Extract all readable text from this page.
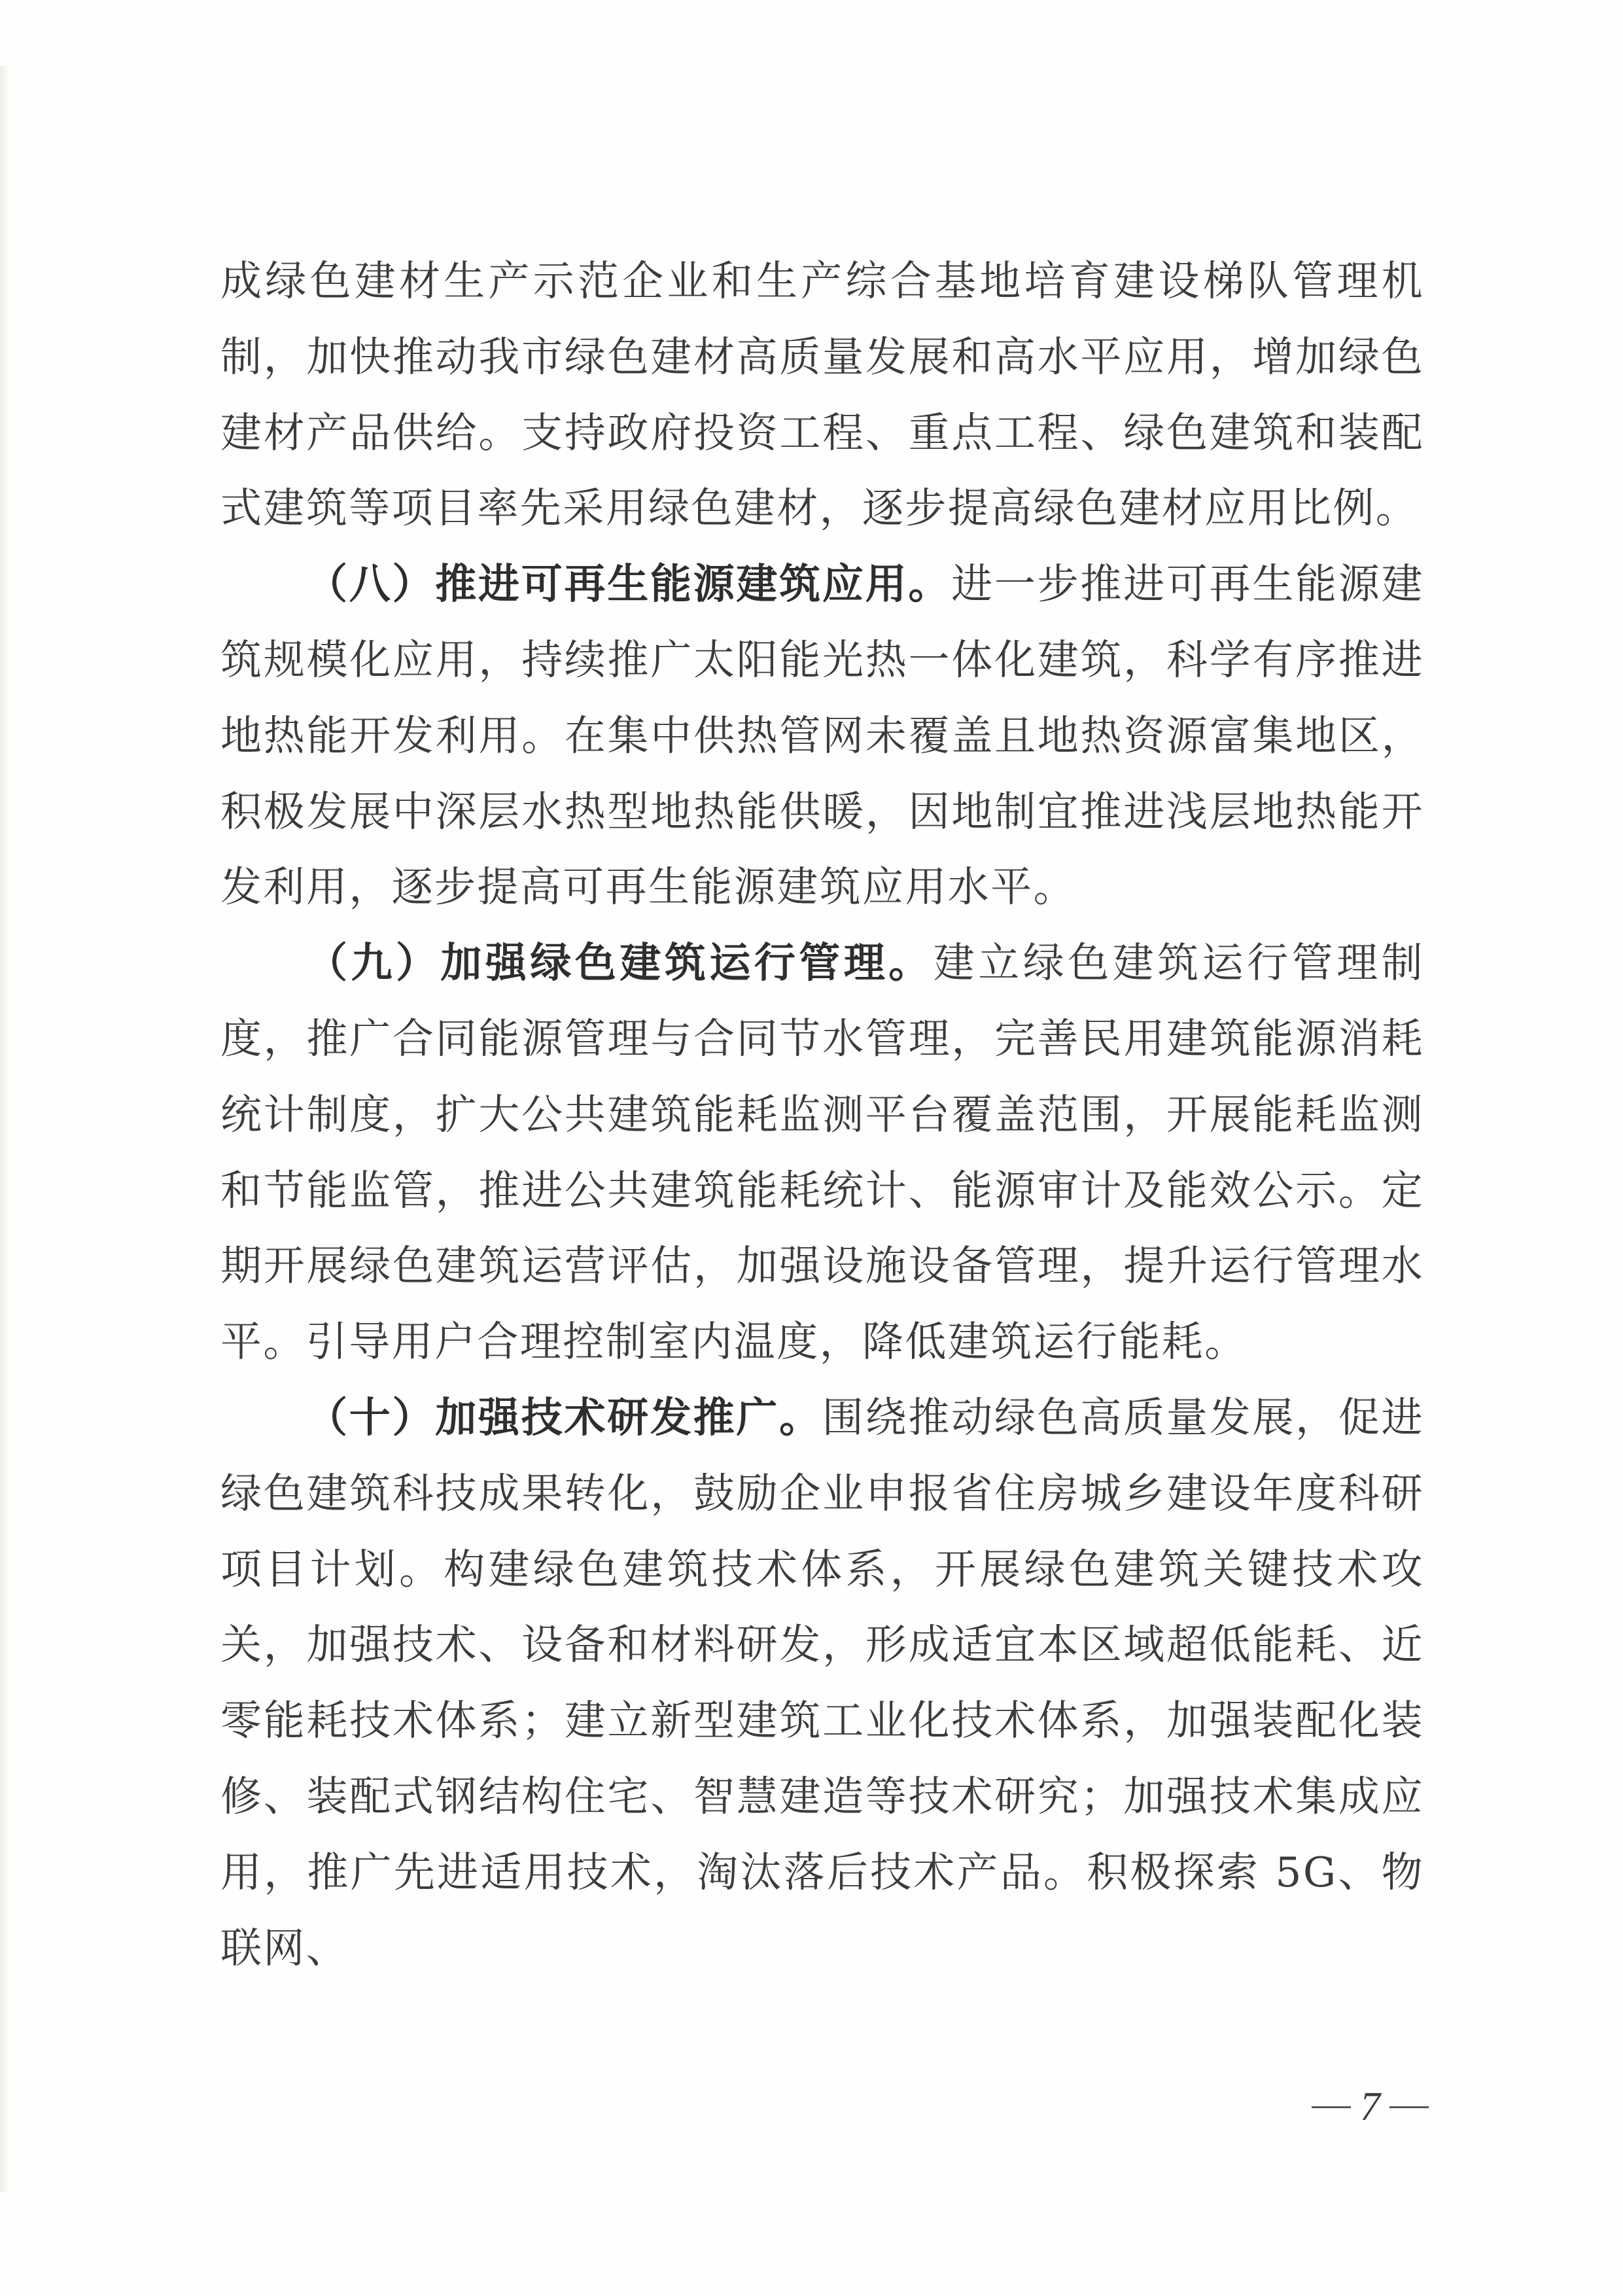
成绿色建材生产示范企业和生产综合基地培育建设梯队管理机制，加快推动我市绿色建材高质量发展和高水平应用，增加绿色建材产品供给。支持政府投资工程、重点工程、绿色建筑和装配式建筑等项目率先采用绿色建材，逐步提高绿色建材应用比例。

（八）推进可再生能源建筑应用。进一步推进可再生能源建筑规模化应用，持续推广太阳能光热一体化建筑，科学有序推进地热能开发利用。在集中供热管网未覆盖且地热资源富集地区，积极发展中深层水热型地热能供暖，因地制宜推进浅层地热能开发利用，逐步提高可再生能源建筑应用水平。

（九）加强绿色建筑运行管理。建立绿色建筑运行管理制度，推广合同能源管理与合同节水管理，完善民用建筑能源消耗统计制度，扩大公共建筑能耗监测平台覆盖范围，开展能耗监测和节能监管，推进公共建筑能耗统计、能源审计及能效公示。定期开展绿色建筑运营评估，加强设施设备管理，提升运行管理水平。引导用户合理控制室内温度，降低建筑运行能耗。

（十）加强技术研发推广。围绕推动绿色高质量发展，促进绿色建筑科技成果转化，鼓励企业申报省住房城乡建设年度科研项目计划。构建绿色建筑技术体系，开展绿色建筑关键技术攻关，加强技术、设备和材料研发，形成适宜本区域超低能耗、近零能耗技术体系；建立新型建筑工业化技术体系，加强装配化装修、装配式钢结构住宅、智慧建造等技术研究；加强技术集成应用，推广先进适用技术，淘汰落后技术产品。积极探索 5G、物联网、

7
